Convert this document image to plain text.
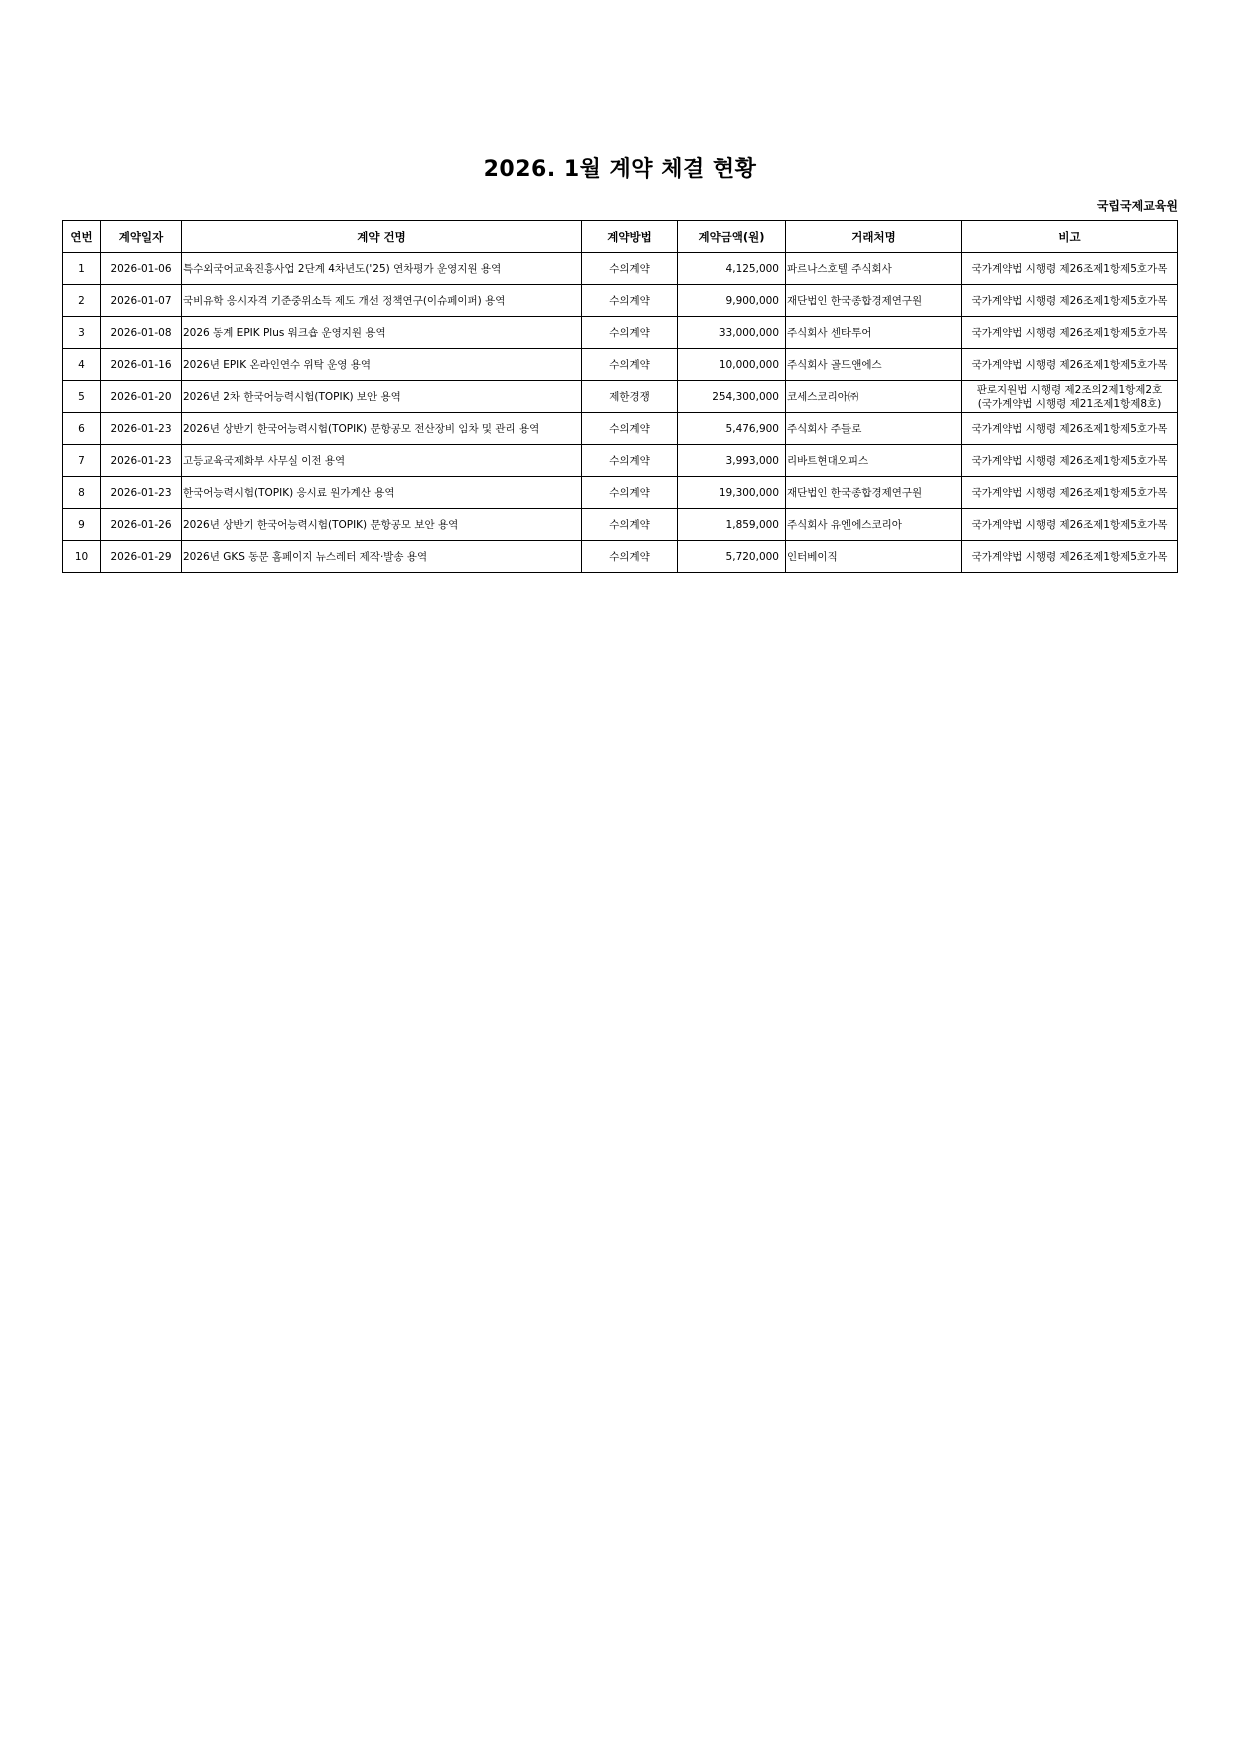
2026. 1월 계약 체결 현황
국립국제교육원
연번	계약일자	계약 건명	계약방법	계약금액(원)	거래처명	비고
1	2026-01-06	특수외국어교육진흥사업 2단계 4차년도('25) 연차평가 운영지원 용역	수의계약	4,125,000	파르나스호텔 주식회사	국가계약법 시행령 제26조제1항제5호가목

2	2026-01-07	국비유학 응시자격 기준중위소득 제도 개선 정책연구(이슈페이퍼) 용역	수의계약	9,900,000	재단법인 한국종합경제연구원	국가계약법 시행령 제26조제1항제5호가목

3	2026-01-08	2026 동계 EPIK Plus 워크숍 운영지원 용역	수의계약	33,000,000	주식회사 센타투어	국가계약법 시행령 제26조제1항제5호가목

4	2026-01-16	2026년 EPIK 온라인연수 위탁 운영 용역	수의계약	10,000,000	주식회사 골드앤에스	국가계약법 시행령 제26조제1항제5호가목

5	2026-01-20	2026년 2차 한국어능력시험(TOPIK) 보안 용역	제한경쟁	254,300,000	코세스코리아㈜	판로지원법 시행령 제2조의2제1항제2호
(국가계약법 시행령 제21조제1항제8호)

6	2026-01-23	2026년 상반기 한국어능력시험(TOPIK) 문항공모 전산장비 임차 및 관리 용역	수의계약	5,476,900	주식회사 주들로	국가계약법 시행령 제26조제1항제5호가목

7	2026-01-23	고등교육국제화부 사무실 이전 용역	수의계약	3,993,000	리바트현대오피스	국가계약법 시행령 제26조제1항제5호가목

8	2026-01-23	한국어능력시험(TOPIK) 응시료 원가계산 용역	수의계약	19,300,000	재단법인 한국종합경제연구원	국가계약법 시행령 제26조제1항제5호가목

9	2026-01-26	2026년 상반기 한국어능력시험(TOPIK) 문항공모 보안 용역	수의계약	1,859,000	주식회사 유엔에스코리아	국가계약법 시행령 제26조제1항제5호가목

10	2026-01-29	2026년 GKS 동문 홈페이지 뉴스레터 제작·발송 용역	수의계약	5,720,000	인터베이직	국가계약법 시행령 제26조제1항제5호가목
